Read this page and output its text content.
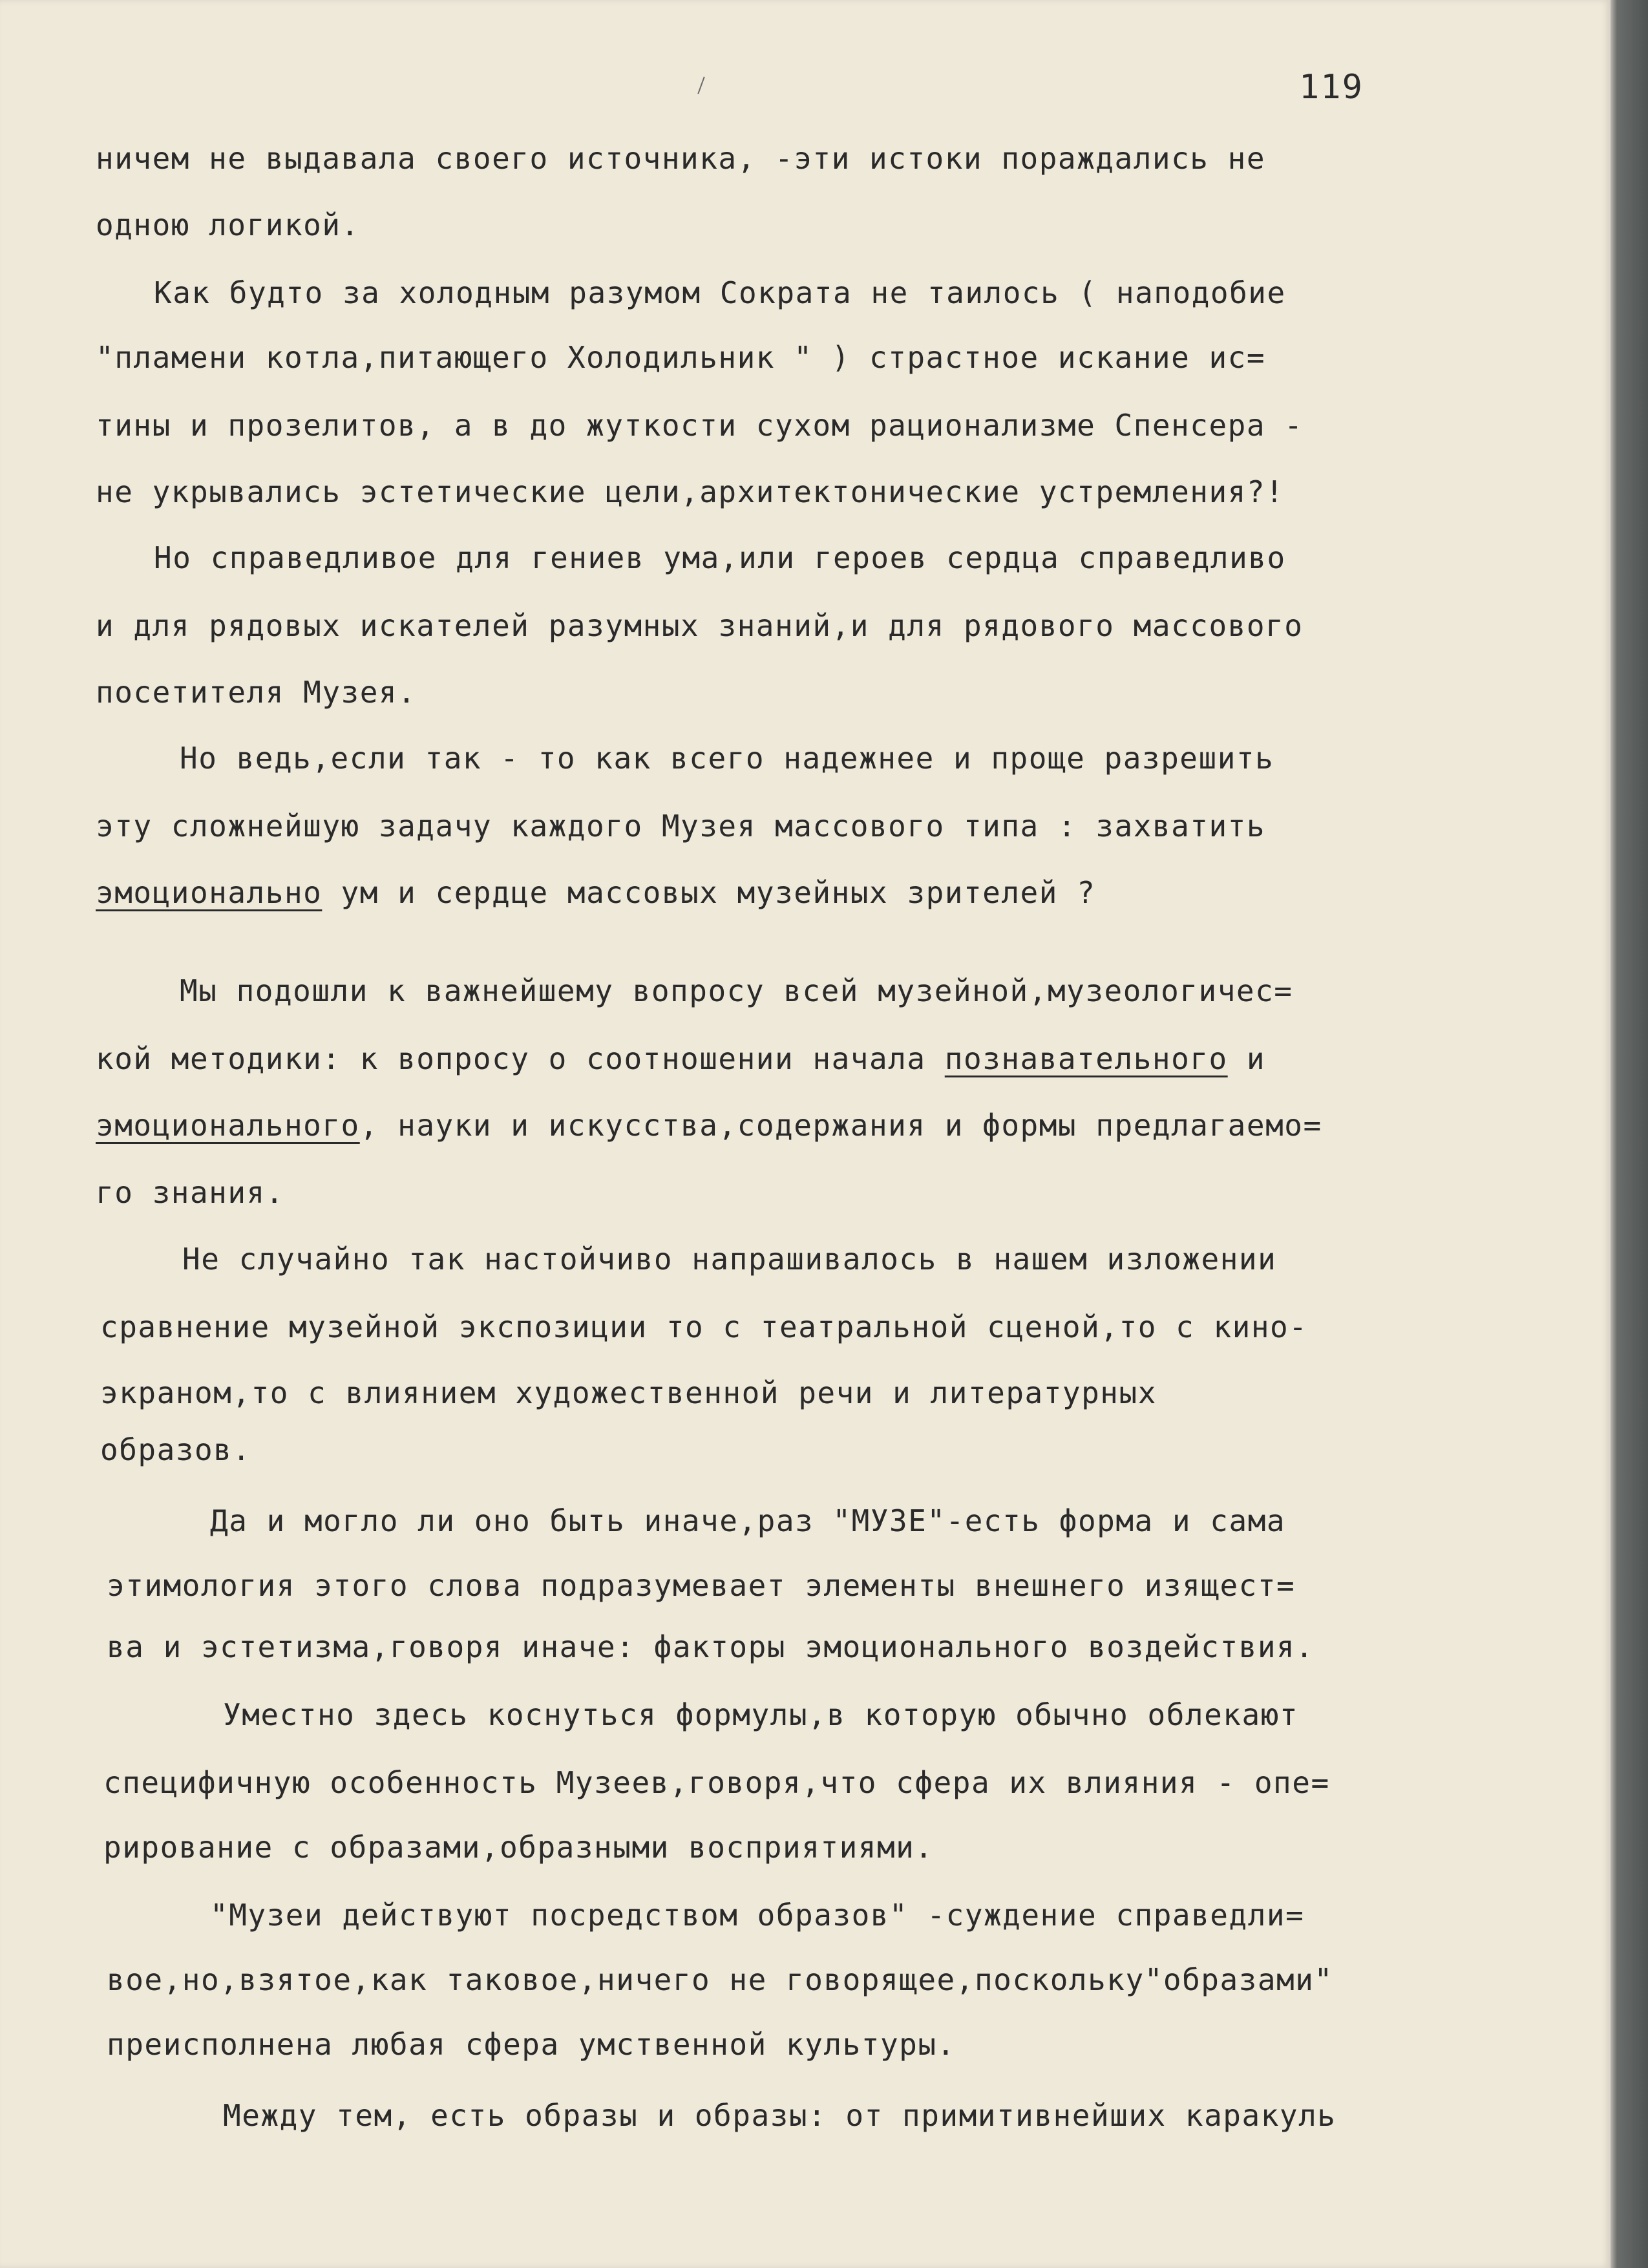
119

ничем не выдавала своего источника, -эти истоки пораждались не

одною логикой.

Как будто за холодным разумом Сократа не таилось ( наподобие

"пламени котла,питающего Холодильник " ) страстное искание ис=

тины и прозелитов, а в до жуткости сухом рационализме Спенсера -

не укрывались эстетические цели,архитектонические устремления?!

Но справедливое для гениев ума,или героев сердца справедливо

и для рядовых искателей разумных знаний,и для рядового массового

посетителя Музея.

Но ведь,если так - то как всего надежнее и проще разрешить

эту сложнейшую задачу каждого Музея массового типа : захватить

эмоционально ум и сердце массовых музейных зрителей ?

Мы подошли к важнейшему вопросу всей музейной,музеологичес=

кой методики: к вопросу о соотношении начала познавательного и

эмоционального, науки и искусства,содержания и формы предлагаемо=

го знания.

Не случайно так настойчиво напрашивалось в нашем изложении

сравнение музейной экспозиции то с театральной сценой,то с кино-

экраном,то с влиянием художественной речи и литературных

образов.

Да и могло ли оно быть иначе,раз "МУЗЕ"-есть форма и сама

этимология этого слова подразумевает элементы внешнего изящест=

ва и эстетизма,говоря иначе: факторы эмоционального воздействия.

Уместно здесь коснуться формулы,в которую обычно облекают

специфичную особенность Музеев,говоря,что сфера их влияния - опе=

рирование с образами,образными восприятиями.

"Музеи действуют посредством образов" -суждение справедли=

вое,но,взятое,как таковое,ничего не говорящее,поскольку"образами"

преисполнена любая сфера умственной культуры.

Между тем, есть образы и образы: от примитивнейших каракуль
